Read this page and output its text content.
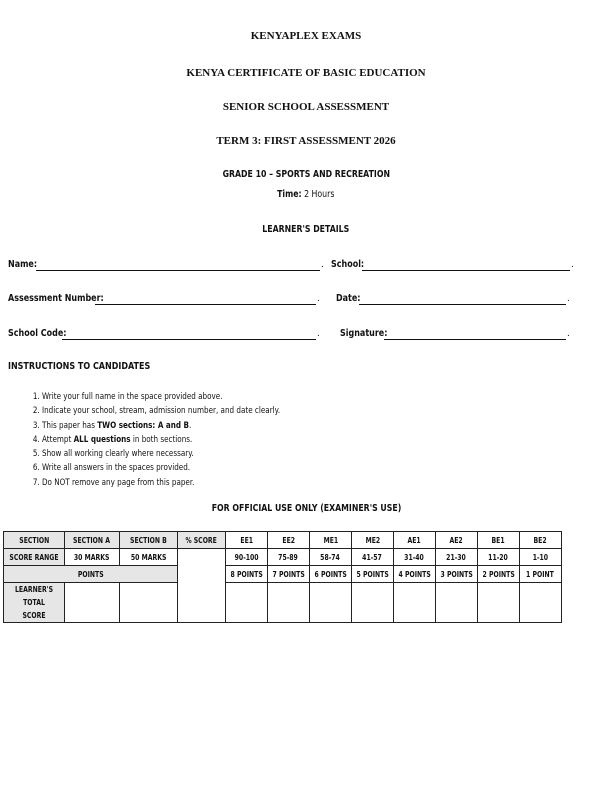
KENYAPLEX EXAMS
KENYA CERTIFICATE OF BASIC EDUCATION
SENIOR SCHOOL ASSESSMENT
TERM 3: FIRST ASSESSMENT 2026
GRADE 10 – SPORTS AND RECREATION
Time: 2 Hours
LEARNER'S DETAILS
Name:	. School:	.
Assessment Number:	. Date:	.
School Code:	. Signature:	.
INSTRUCTIONS TO CANDIDATES
1. Write your full name in the space provided above.
2. Indicate your school, stream, admission number, and date clearly.
3. This paper has TWO sections: A and B.
4. Attempt ALL questions in both sections.
5. Show all working clearly where necessary.
6. Write all answers in the spaces provided.
7. Do NOT remove any page from this paper.
FOR OFFICIAL USE ONLY (EXAMINER'S USE)
SECTION	SECTION A	SECTION B	% SCORE	EE1	EE2	ME1	ME2	AE1	AE2	BE1	BE2
SCORE RANGE	30 MARKS	50 MARKS		90-100	75-89	58-74	41-57	31-40	21-30	11-20	1-10
POINTS				8 POINTS	7 POINTS	6 POINTS	5 POINTS	4 POINTS	3 POINTS	2 POINTS	1 POINT
LEARNER'S TOTAL SCORE											
